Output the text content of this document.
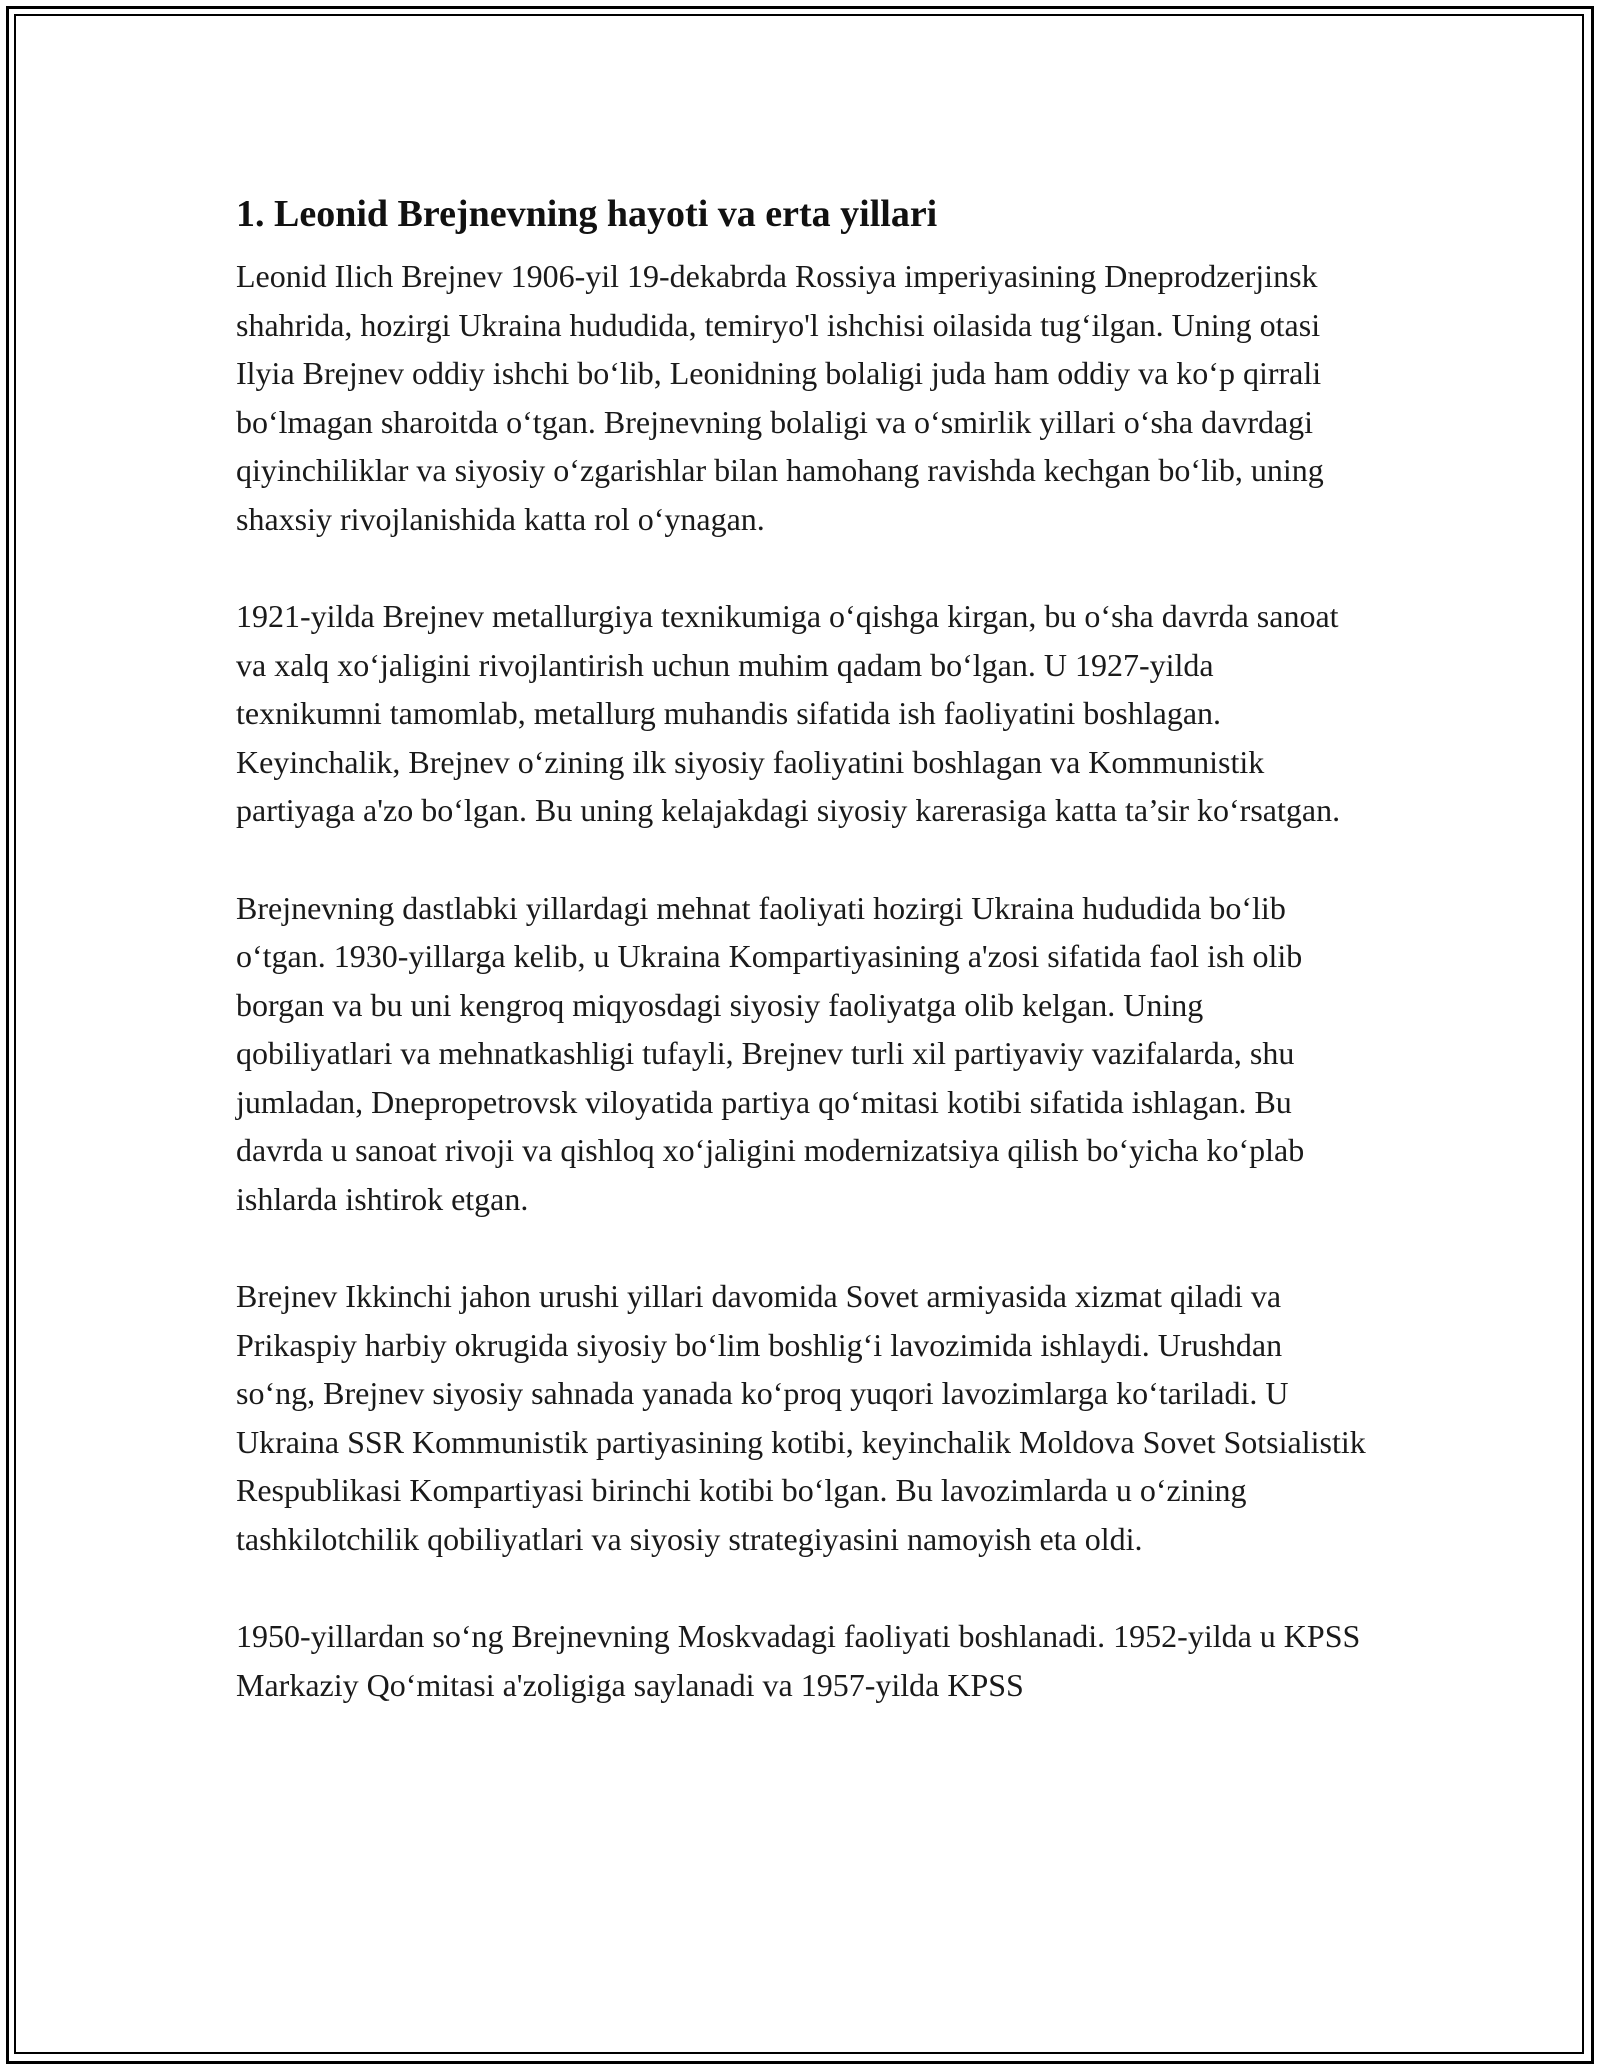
1. Leonid Brejnevning hayoti va erta yillari

Leonid Ilich Brejnev 1906-yil 19-dekabrda Rossiya imperiyasining Dneprodzerjinsk shahrida, hozirgi Ukraina hududida, temiryo'l ishchisi oilasida tugʻilgan. Uning otasi Ilyia Brejnev oddiy ishchi boʻlib, Leonidning bolaligi juda ham oddiy va koʻp qirrali boʻlmagan sharoitda oʻtgan. Brejnevning bolaligi va oʻsmirlik yillari oʻsha davrdagi qiyinchiliklar va siyosiy oʻzgarishlar bilan hamohang ravishda kechgan boʻlib, uning shaxsiy rivojlanishida katta rol oʻynagan.

1921-yilda Brejnev metallurgiya texnikumiga oʻqishga kirgan, bu oʻsha davrda sanoat va xalq xoʻjaligini rivojlantirish uchun muhim qadam boʻlgan. U 1927-yilda texnikumni tamomlab, metallurg muhandis sifatida ish faoliyatini boshlagan. Keyinchalik, Brejnev oʻzining ilk siyosiy faoliyatini boshlagan va Kommunistik partiyaga a'zo boʻlgan. Bu uning kelajakdagi siyosiy karerasiga katta ta’sir koʻrsatgan.

Brejnevning dastlabki yillardagi mehnat faoliyati hozirgi Ukraina hududida boʻlib oʻtgan. 1930-yillarga kelib, u Ukraina Kompartiyasining a'zosi sifatida faol ish olib borgan va bu uni kengroq miqyosdagi siyosiy faoliyatga olib kelgan. Uning qobiliyatlari va mehnatkashligi tufayli, Brejnev turli xil partiyaviy vazifalarda, shu jumladan, Dnepropetrovsk viloyatida partiya qoʻmitasi kotibi sifatida ishlagan. Bu davrda u sanoat rivoji va qishloq xoʻjaligini modernizatsiya qilish boʻyicha koʻplab ishlarda ishtirok etgan.

Brejnev Ikkinchi jahon urushi yillari davomida Sovet armiyasida xizmat qiladi va Prikaspiy harbiy okrugida siyosiy boʻlim boshligʻi lavozimida ishlaydi. Urushdan soʻng, Brejnev siyosiy sahnada yanada koʻproq yuqori lavozimlarga koʻtariladi. U Ukraina SSR Kommunistik partiyasining kotibi, keyinchalik Moldova Sovet Sotsialistik Respublikasi Kompartiyasi birinchi kotibi boʻlgan. Bu lavozimlarda u oʻzining tashkilotchilik qobiliyatlari va siyosiy strategiyasini namoyish eta oldi.

1950-yillardan soʻng Brejnevning Moskvadagi faoliyati boshlanadi. 1952-yilda u KPSS Markaziy Qoʻmitasi a'zoligiga saylanadi va 1957-yilda KPSS
